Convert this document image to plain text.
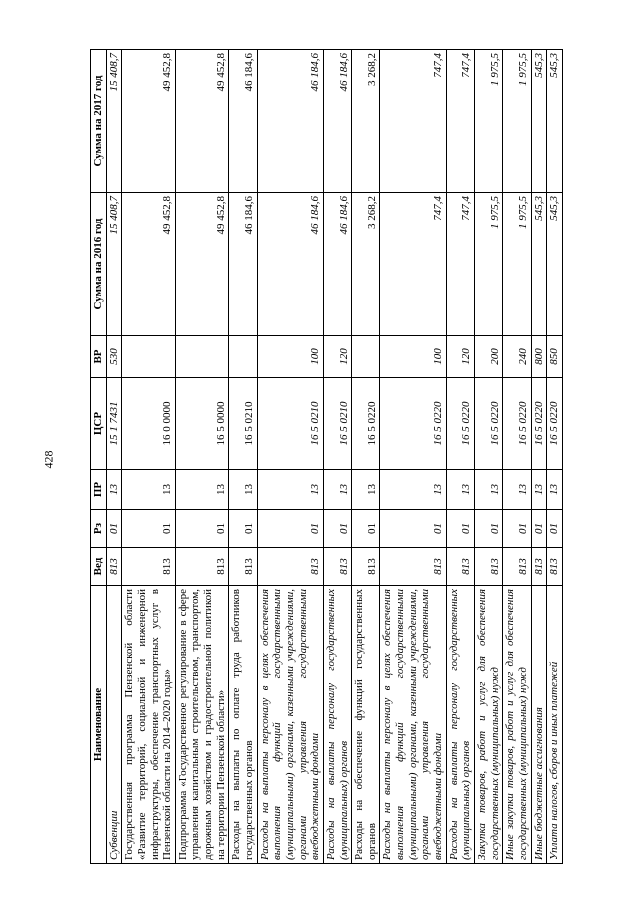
428
Наименование	Вед	Рз	ПР	ЦСР	ВР	Сумма на 2016 год	Сумма на 2017 год
Субвенции	813	01	13	15 1 7431	530	15 408,7	15 408,7
Государственная программа Пензенской области «Развитие территорий, социальной и инженерной инфраструктуры, обеспечение транспортных услуг в Пензенской области на 2014–2020 годы»	813	01	13	16 0 0000		49 452,8	49 452,8
Подпрограмма «Государственное регулирование в сфере управления капитальным строительством, транспортом, дорожным хозяйством и градостроительной политикой на территории Пензенской области»	813	01	13	16 5 0000		49 452,8	49 452,8
Расходы на выплаты по оплате труда работников государственных органов	813	01	13	16 5 0210		46 184,6	46 184,6
Расходы на выплаты персоналу в целях обеспечения выполнения функций государственными (муниципальными) органами, казенными учреждениями, органами управления государственными внебюджетными фондами	813	01	13	16 5 0210	100	46 184,6	46 184,6
Расходы на выплаты персоналу государственных (муниципальных) органов	813	01	13	16 5 0210	120	46 184,6	46 184,6
Расходы на обеспечение функций государственных органов	813	01	13	16 5 0220		3 268,2	3 268,2
Расходы на выплаты персоналу в целях обеспечения выполнения функций государственными (муниципальными) органами, казенными учреждениями, органами управления государственными внебюджетными фондами	813	01	13	16 5 0220	100	747,4	747,4
Расходы на выплаты персоналу государственных (муниципальных) органов	813	01	13	16 5 0220	120	747,4	747,4
Закупка товаров, работ и услуг для обеспечения государственных (муниципальных) нужд	813	01	13	16 5 0220	200	1 975,5	1 975,5
Иные закупки товаров, работ и услуг для обеспечения государственных (муниципальных) нужд	813	01	13	16 5 0220	240	1 975,5	1 975,5
Иные бюджетные ассигнования	813	01	13	16 5 0220	800	545,3	545,3
Уплата налогов, сборов и иных платежей	813	01	13	16 5 0220	850	545,3	545,3
